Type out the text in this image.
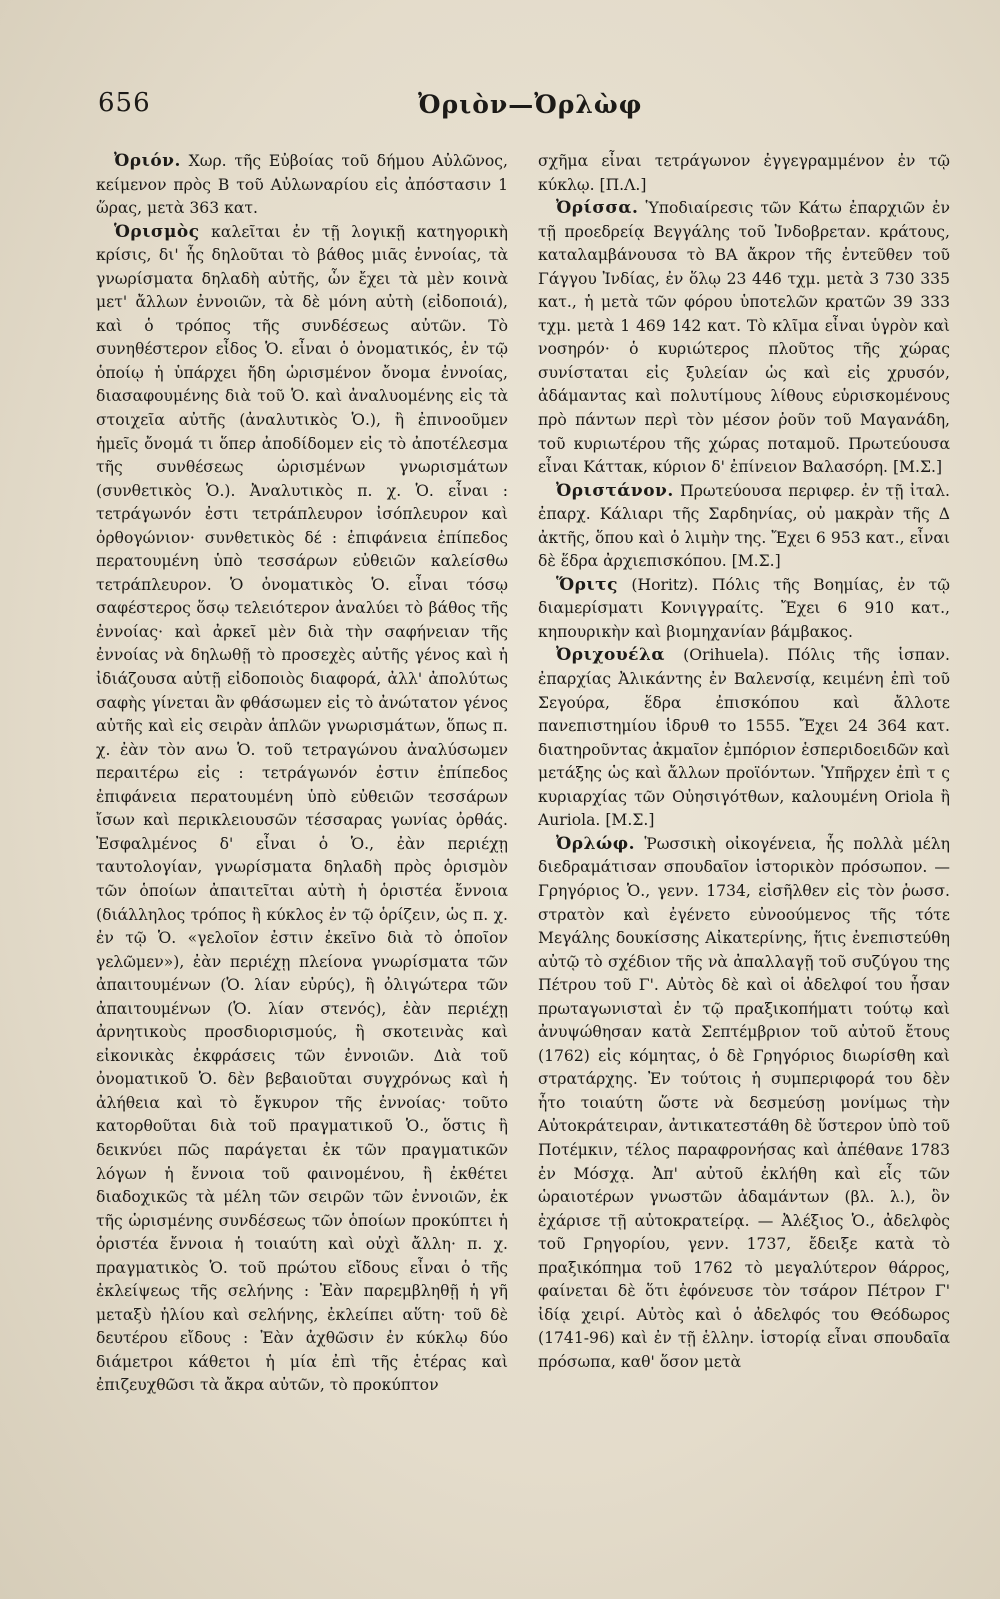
656	Ὀριὸν—Ὀρλὼφ

Ὀριόν. Χωρ. τῆς Εὐβοίας τοῦ δήμου Αὐλῶνος, κείμενον πρὸς Β τοῦ Αὐλωναρίου εἰς ἀπόστασιν 1 ὥρας, μετὰ 363 κατ.

Ὁρισμὸς καλεῖται ἐν τῇ λογικῇ κατηγορικὴ κρίσις, δι' ἧς δηλοῦται τὸ βάθος μιᾶς ἐννοίας, τὰ γνωρίσματα δηλαδὴ αὐτῆς, ὧν ἔχει τὰ μὲν κοινὰ μετ' ἄλλων ἐννοιῶν, τὰ δὲ μόνη αὐτὴ (εἰδοποιά), καὶ ὁ τρόπος τῆς συνδέσεως αὐτῶν. Τὸ συνηθέστερον εἶδος Ὁ. εἶναι ὁ ὀνοματικός, ἐν τῷ ὁποίῳ ἡ ὑπάρχει ἤδη ὡρισμένον ὄνομα ἐννοίας, διασαφουμένης διὰ τοῦ Ὁ. καὶ ἀναλυομένης εἰς τὰ στοιχεῖα αὐτῆς (ἀναλυτικὸς Ὁ.), ἢ ἐπινοοῦμεν ἡμεῖς ὄνομά τι ὅπερ ἀποδίδομεν εἰς τὸ ἀποτέλεσμα τῆς συνθέσεως ὡρισμένων γνωρισμάτων (συνθετικὸς Ὁ.). Ἀναλυτικὸς π. χ. Ὁ. εἶναι : τετράγωνόν ἐστι τετράπλευρον ἰσόπλευρον καὶ ὀρθογώνιον· συνθετικὸς δέ : ἐπιφάνεια ἐπίπεδος περατουμένη ὑπὸ τεσσάρων εὐθειῶν καλείσθω τετράπλευρον. Ὁ ὀνοματικὸς Ὁ. εἶναι τόσῳ σαφέστερος ὅσῳ τελειότερον ἀναλύει τὸ βάθος τῆς ἐννοίας· καὶ ἀρκεῖ μὲν διὰ τὴν σαφήνειαν τῆς ἐννοίας νὰ δηλωθῇ τὸ προσεχὲς αὐτῆς γένος καὶ ἡ ἰδιάζουσα αὐτῇ εἰδοποιὸς διαφορά, ἀλλ' ἀπολύτως σαφὴς γίνεται ἂν φθάσωμεν εἰς τὸ ἀνώτατον γένος αὐτῆς καὶ εἰς σειρὰν ἁπλῶν γνωρισμάτων, ὅπως π. χ. ἐὰν τὸν ανω Ὁ. τοῦ τετραγώνου ἀναλύσωμεν περαιτέρω εἰς : τετράγωνόν ἐστιν ἐπίπεδος ἐπιφάνεια περατουμένη ὑπὸ εὐθειῶν τεσσάρων ἴσων καὶ περικλειουσῶν τέσσαρας γωνίας ὀρθάς. Ἐσφαλμένος δ' εἶναι ὁ Ὁ., ἐὰν περιέχῃ ταυτολογίαν, γνωρίσματα δηλαδὴ πρὸς ὁρισμὸν τῶν ὁποίων ἀπαιτεῖται αὐτὴ ἡ ὁριστέα ἔννοια (διάλληλος τρόπος ἢ κύκλος ἐν τῷ ὁρίζειν, ὡς π. χ. ἐν τῷ Ὁ. «γελοῖον ἐστιν ἐκεῖνο διὰ τὸ ὁποῖον γελῶμεν»), ἐὰν περιέχῃ πλείονα γνωρίσματα τῶν ἀπαιτουμένων (Ὁ. λίαν εὐρύς), ἢ ὀλιγώτερα τῶν ἀπαιτουμένων (Ὁ. λίαν στενός), ἐὰν περιέχῃ ἀρνητικοὺς προσδιορισμούς, ἢ σκοτεινὰς καὶ εἰκονικὰς ἐκφράσεις τῶν ἐννοιῶν. Διὰ τοῦ ὀνοματικοῦ Ὁ. δὲν βεβαιοῦται συγχρόνως καὶ ἡ ἀλήθεια καὶ τὸ ἔγκυρον τῆς ἐννοίας· τοῦτο κατορθοῦται διὰ τοῦ πραγματικοῦ Ὁ., ὅστις ἢ δεικνύει πῶς παράγεται ἐκ τῶν πραγματικῶν λόγων ἡ ἔννοια τοῦ φαινομένου, ἢ ἐκθέτει διαδοχικῶς τὰ μέλη τῶν σειρῶν τῶν ἐννοιῶν, ἐκ τῆς ὡρισμένης συνδέσεως τῶν ὁποίων προκύπτει ἡ ὁριστέα ἔννοια ἡ τοιαύτη καὶ οὐχὶ ἄλλη· π. χ. πραγματικὸς Ὁ. τοῦ πρώτου εἴδους εἶναι ὁ τῆς ἐκλείψεως τῆς σελήνης : Ἐὰν παρεμβληθῇ ἡ γῆ μεταξὺ ἡλίου καὶ σελήνης, ἐκλείπει αὕτη· τοῦ δὲ δευτέρου εἴδους : Ἐὰν ἀχθῶσιν ἐν κύκλῳ δύο διάμετροι κάθετοι ἡ μία ἐπὶ τῆς ἑτέρας καὶ ἐπιζευχθῶσι τὰ ἄκρα αὐτῶν, τὸ προκύπτον

σχῆμα εἶναι τετράγωνον ἐγγεγραμμένον ἐν τῷ κύκλῳ. [Π.Λ.]

Ὀρίσσα. Ὑποδιαίρεσις τῶν Κάτω ἐπαρχιῶν ἐν τῇ προεδρείᾳ Βεγγάλης τοῦ Ἰνδοβρεταν. κράτους, καταλαμβάνουσα τὸ ΒΑ ἄκρον τῆς ἐντεῦθεν τοῦ Γάγγου Ἰνδίας, ἐν ὅλῳ 23 446 τχμ. μετὰ 3 730 335 κατ., ἡ μετὰ τῶν φόρου ὑποτελῶν κρατῶν 39 333 τχμ. μετὰ 1 469 142 κατ. Τὸ κλῖμα εἶναι ὑγρὸν καὶ νοσηρόν· ὁ κυριώτερος πλοῦτος τῆς χώρας συνίσταται εἰς ξυλείαν ὡς καὶ εἰς χρυσόν, ἀδάμαντας καὶ πολυτίμους λίθους εὑρισκομένους πρὸ πάντων περὶ τὸν μέσον ῥοῦν τοῦ Μαγανάδη, τοῦ κυριωτέρου τῆς χώρας ποταμοῦ. Πρωτεύουσα εἶναι Κάττακ, κύριον δ' ἐπίνειον Βαλασόρη. [Μ.Σ.]

Ὀριστάνον. Πρωτεύουσα περιφερ. ἐν τῇ ἰταλ. ἐπαρχ. Κάλιαρι τῆς Σαρδηνίας, οὐ μακρὰν τῆς Δ ἀκτῆς, ὅπου καὶ ὁ λιμὴν της. Ἔχει 6 953 κατ., εἶναι δὲ ἕδρα ἀρχιεπισκόπου. [Μ.Σ.]

Ὅριτς (Horitz). Πόλις τῆς Βοημίας, ἐν τῷ διαμερίσματι Κονιγγραίτς. Ἔχει 6 910 κατ., κηπουρικὴν καὶ βιομηχανίαν βάμβακος.

Ὀριχουέλα (Orihuela). Πόλις τῆς ἱσπαν. ἐπαρχίας Ἀλικάντης ἐν Βαλενσίᾳ, κειμένη ἐπὶ τοῦ Σεγούρα, ἕδρα ἐπισκόπου καὶ ἄλλοτε πανεπιστημίου ἱδρυθ το 1555. Ἔχει 24 364 κατ. διατηροῦντας ἀκμαῖον ἐμπόριον ἑσπεριδοειδῶν καὶ μετάξης ὡς καὶ ἄλλων προϊόντων. Ὑπῆρχεν ἐπὶ τ ς κυριαρχίας τῶν Οὐησιγότθων, καλουμένη Oriola ἢ Auriola. [Μ.Σ.]

Ὀρλώφ. Ῥωσσικὴ οἰκογένεια, ἧς πολλὰ μέλη διεδραμάτισαν σπουδαῖον ἱστορικὸν πρόσωπον. — Γρηγόριος Ὁ., γενν. 1734, εἰσῆλθεν εἰς τὸν ῥωσσ. στρατὸν καὶ ἐγένετο εὐνοούμενος τῆς τότε Μεγάλης δουκίσσης Αἰκατερίνης, ἥτις ἐνεπιστεύθη αὐτῷ τὸ σχέδιον τῆς νὰ ἀπαλλαγῇ τοῦ συζύγου της Πέτρου τοῦ Γ'. Αὐτὸς δὲ καὶ οἱ ἀδελφοί του ἦσαν πρωταγωνισταὶ ἐν τῷ πραξικοπήματι τούτῳ καὶ ἀνυψώθησαν κατὰ Σεπτέμβριον τοῦ αὐτοῦ ἔτους (1762) εἰς κόμητας, ὁ δὲ Γρηγόριος διωρίσθη καὶ στρατάρχης. Ἐν τούτοις ἡ συμπεριφορά του δὲν ἦτο τοιαύτη ὥστε νὰ δεσμεύσῃ μονίμως τὴν Αὐτοκράτειραν, ἀντικατεστάθη δὲ ὕστερον ὑπὸ τοῦ Ποτέμκιν, τέλος παραφρονήσας καὶ ἀπέθανε 1783 ἐν Μόσχᾳ. Ἀπ' αὐτοῦ ἐκλήθη καὶ εἷς τῶν ὡραιοτέρων γνωστῶν ἀδαμάντων (βλ. λ.), ὃν ἐχάρισε τῇ αὐτοκρατείρᾳ. — Ἀλέξιος Ὁ., ἀδελφὸς τοῦ Γρηγορίου, γενν. 1737, ἔδειξε κατὰ τὸ πραξικόπημα τοῦ 1762 τὸ μεγαλύτερον θάρρος, φαίνεται δὲ ὅτι ἐφόνευσε τὸν τσάρον Πέτρον Γ' ἰδίᾳ χειρί. Αὐτὸς καὶ ὁ ἀδελφός του Θεόδωρος (1741-96) καὶ ἐν τῇ ἑλλην. ἱστορίᾳ εἶναι σπουδαῖα πρόσωπα, καθ' ὅσον μετὰ
